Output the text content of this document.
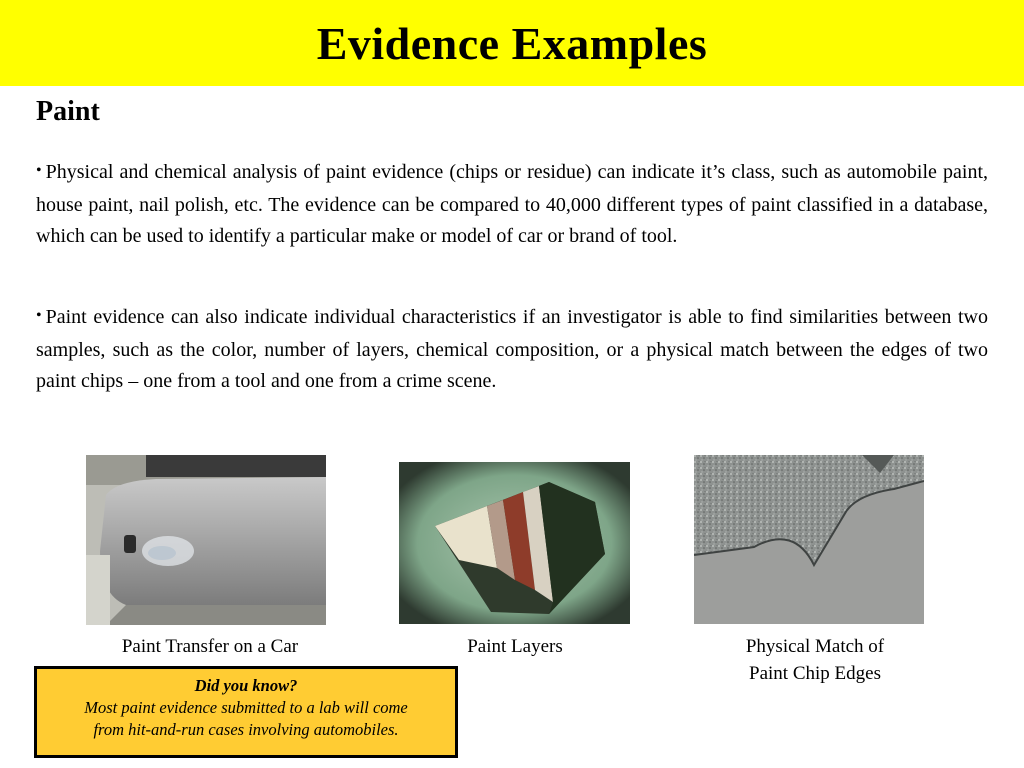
Evidence Examples
Paint
• Physical and chemical analysis of paint evidence (chips or residue) can indicate it’s class, such as automobile paint, house paint, nail polish, etc. The evidence can be compared to 40,000 different types of paint classified in a database, which can be used to identify a particular make or model of car or brand of tool.
• Paint evidence can also indicate individual characteristics if an investigator is able to find similarities between two samples, such as the color, number of layers, chemical composition, or a physical match between the edges of two paint chips – one from a tool and one from a crime scene.
Paint Transfer on a Car	Paint Layers	Physical Match of
Paint Chip Edges
Did you know?
Most paint evidence submitted to a lab will come
from hit-and-run cases involving automobiles.
